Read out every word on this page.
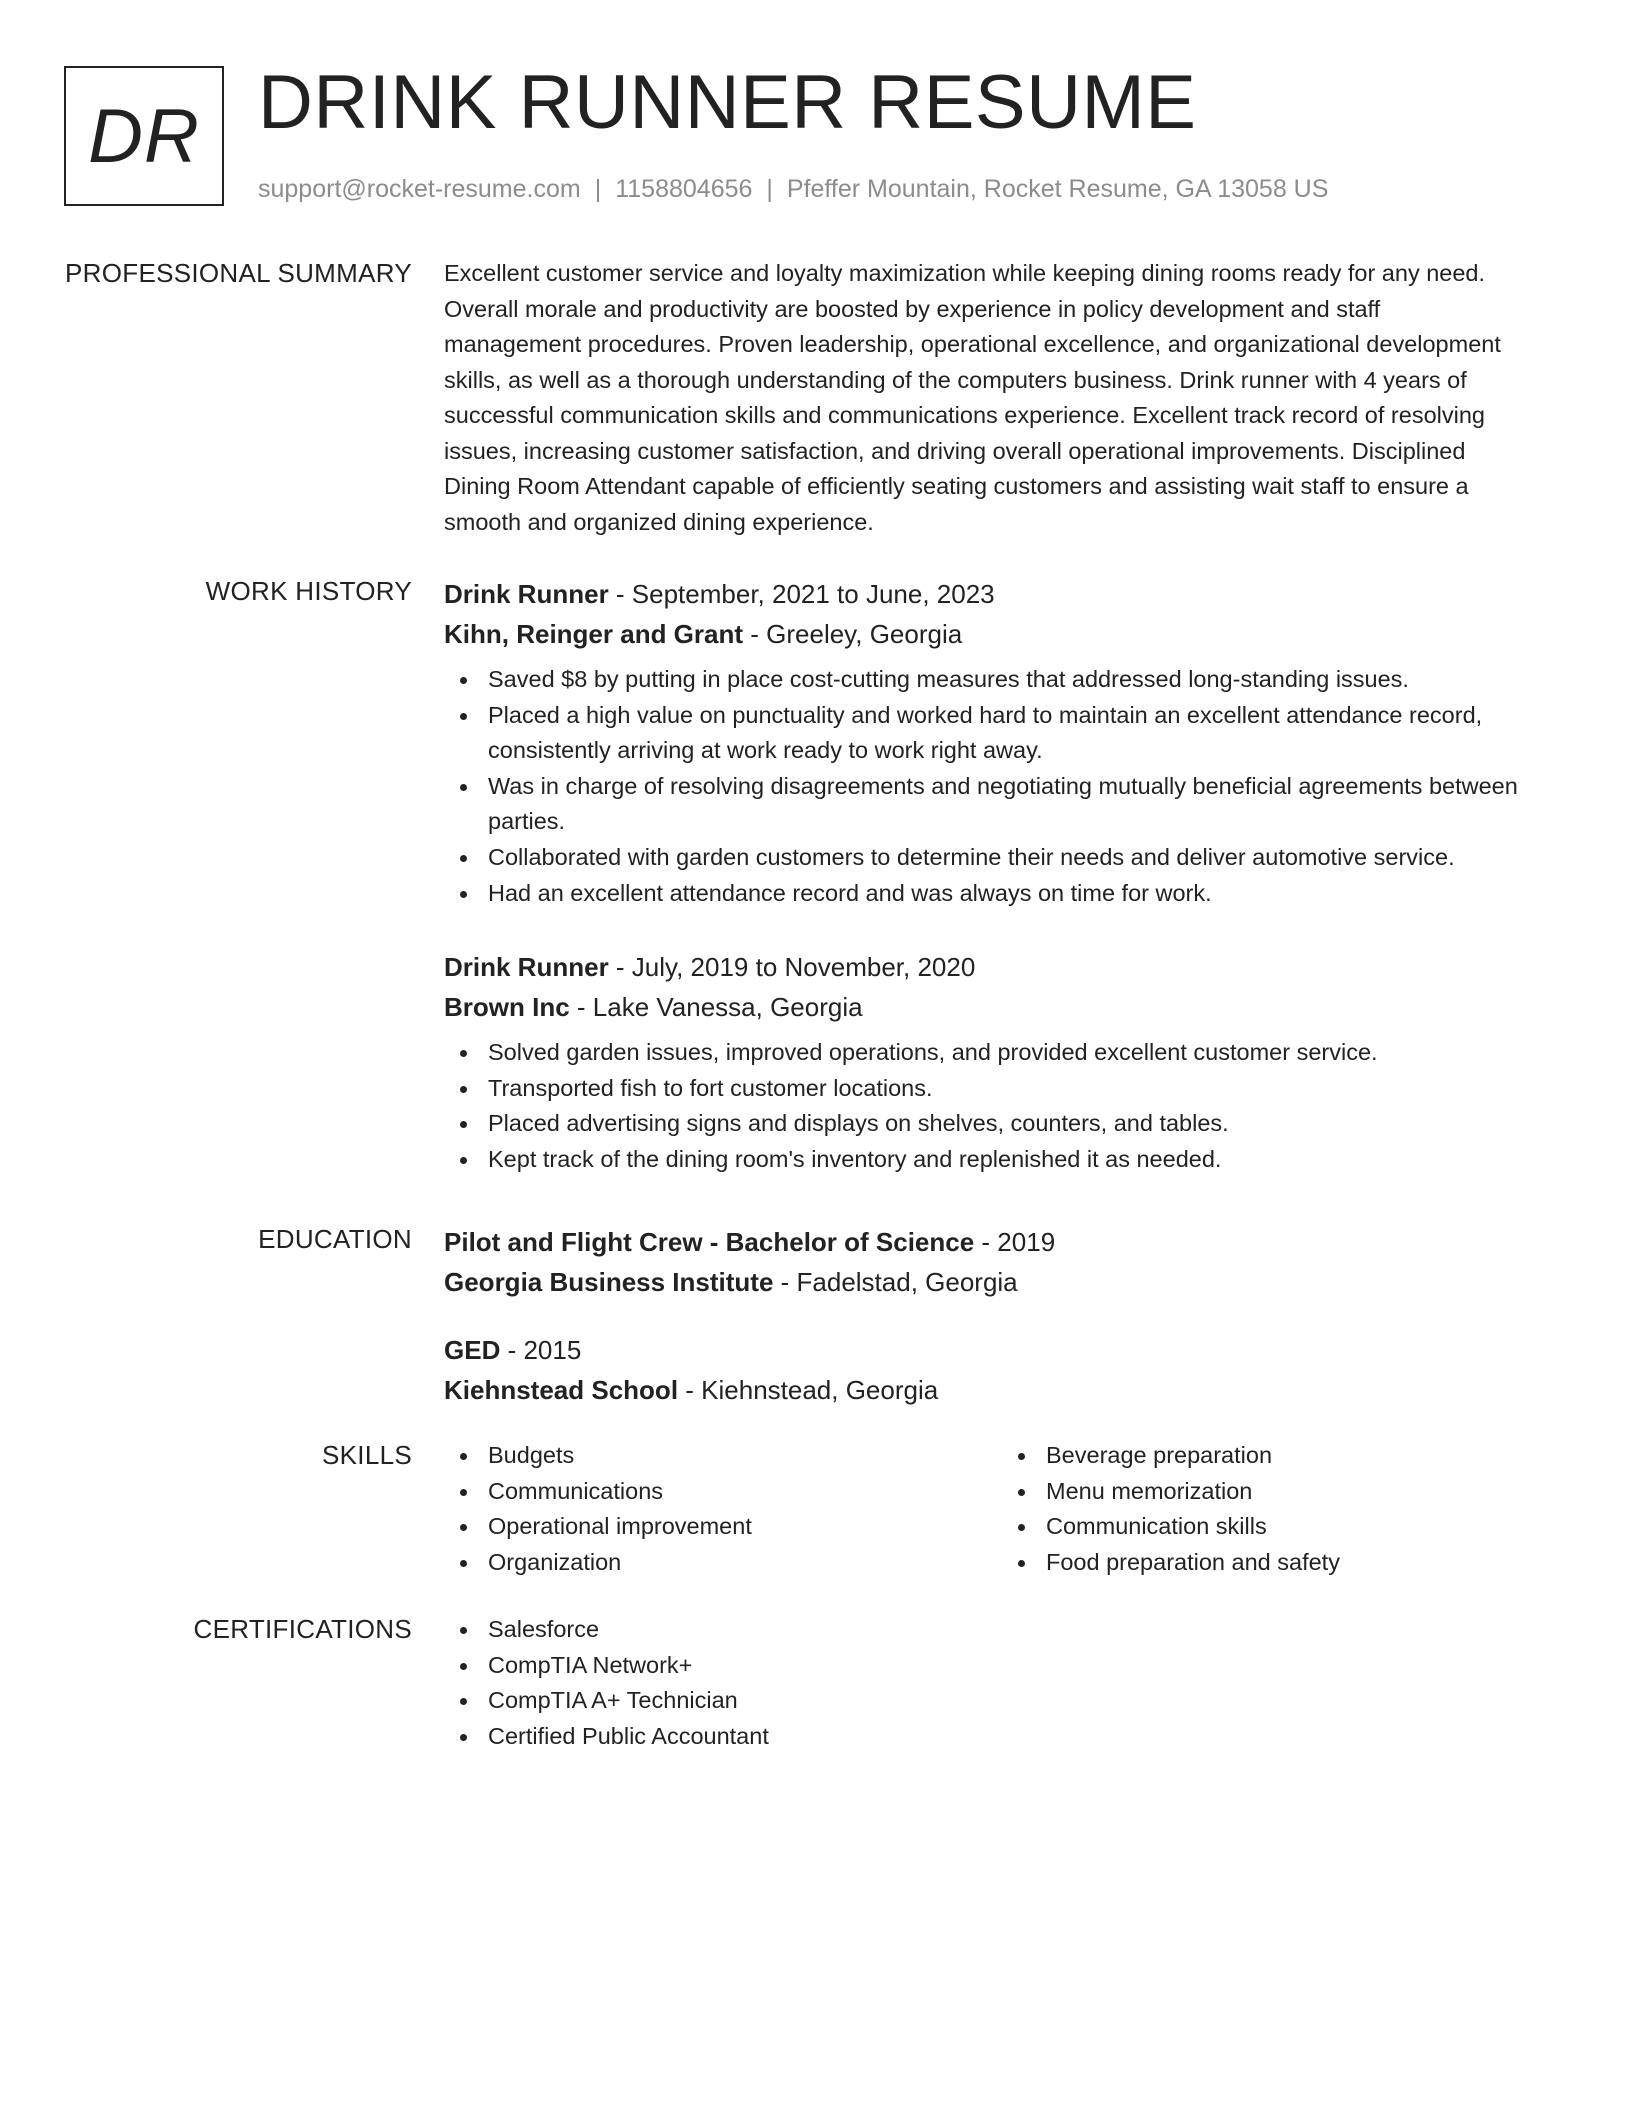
DR DRINK RUNNER RESUME
support@rocket-resume.com | 1158804656 | Pfeffer Mountain, Rocket Resume, GA 13058 US
PROFESSIONAL SUMMARY Excellent customer service and loyalty maximization while keeping dining rooms ready for any need.

Overall morale and productivity are boosted by experience in policy development and staff

management procedures. Proven leadership, operational excellence, and organizational development

skills, as well as a thorough understanding of the computers business. Drink runner with 4 years of

successful communication skills and communications experience. Excellent track record of resolving

issues, increasing customer satisfaction, and driving overall operational improvements. Disciplined

Dining Room Attendant capable of efficiently seating customers and assisting wait staff to ensure a

smooth and organized dining experience.

WORK HISTORY Drink Runner - September, 2021 to June, 2023
Kihn, Reinger and Grant - Greeley, Georgia
Saved $8 by putting in place cost-cutting measures that addressed long-standing issues.
Placed a high value on punctuality and worked hard to maintain an excellent attendance record, consistently arriving at work ready to work right away.
Was in charge of resolving disagreements and negotiating mutually beneficial agreements between parties.
Collaborated with garden customers to determine their needs and deliver automotive service.
Had an excellent attendance record and was always on time for work.
Drink Runner - July, 2019 to November, 2020
Brown Inc - Lake Vanessa, Georgia
Solved garden issues, improved operations, and provided excellent customer service.
Transported fish to fort customer locations.
Placed advertising signs and displays on shelves, counters, and tables.
Kept track of the dining room's inventory and replenished it as needed.
EDUCATION Pilot and Flight Crew - Bachelor of Science - 2019
Georgia Business Institute - Fadelstad, Georgia
GED - 2015
Kiehnstead School - Kiehnstead, Georgia
SKILLS	Budgets
Communications
Operational improvement
Organization
Beverage preparation
Menu memorization
Communication skills
Food preparation and safety
CERTIFICATIONS	Salesforce
CompTIA Network+
CompTIA A+ Technician
Certified Public Accountant
